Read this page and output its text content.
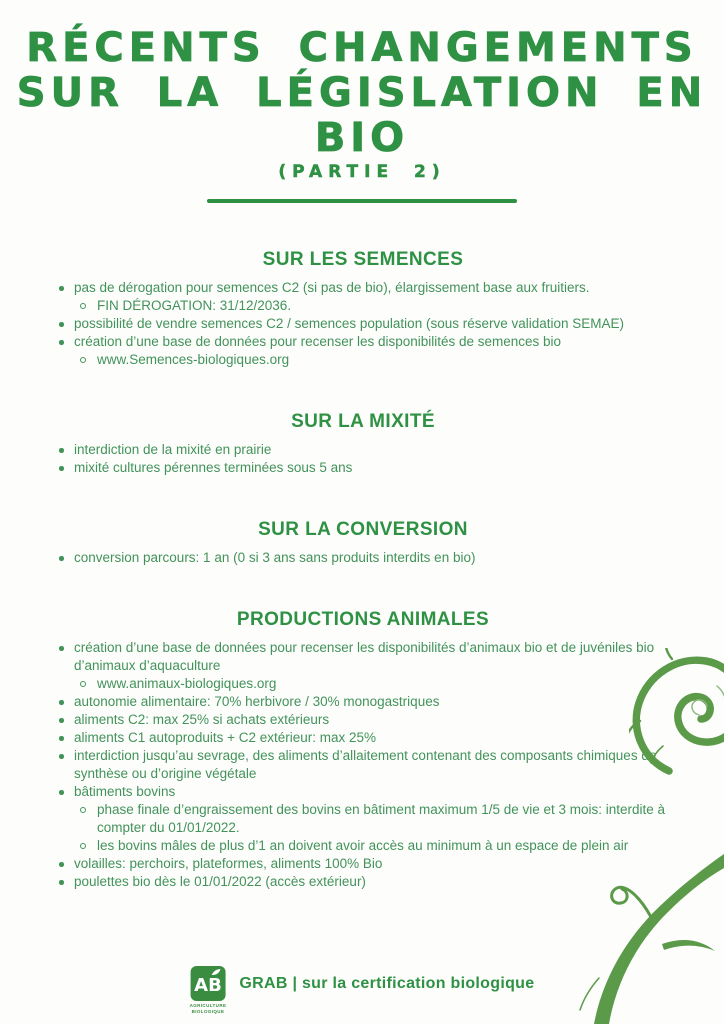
RÉCENTS CHANGEMENTS
SUR LA LÉGISLATION EN
BIO
(PARTIE 2)
SUR LES SEMENCES
pas de dérogation pour semences C2 (si pas de bio), élargissement base aux fruitiers.
FIN DÉROGATION: 31/12/2036.
possibilité de vendre semences C2 / semences population (sous réserve validation SEMAE)
création d’une base de données pour recenser les disponibilités de semences bio
www.Semences-biologiques.org
SUR LA MIXITÉ
interdiction de la mixité en prairie
mixité cultures pérennes terminées sous 5 ans
SUR LA CONVERSION
conversion parcours: 1 an (0 si 3 ans sans produits interdits en bio)
PRODUCTIONS ANIMALES
création d’une base de données pour recenser les disponibilités d’animaux bio et de juvéniles bio d’animaux d’aquaculture
www.animaux-biologiques.org
autonomie alimentaire: 70% herbivore / 30% monogastriques
aliments C2: max 25% si achats extérieurs
aliments C1 autoproduits + C2 extérieur: max 25%
interdiction jusqu’au sevrage, des aliments d’allaitement contenant des composants chimiques de synthèse ou d’origine végétale
bâtiments bovins
phase finale d’engraissement des bovins en bâtiment maximum 1/5 de vie et 3 mois: interdite à compter du 01/01/2022.
les bovins mâles de plus d’1 an doivent avoir accès au minimum à un espace de plein air
volailles: perchoirs, plateformes, aliments 100% Bio
poulettes bio dès le 01/01/2022 (accès extérieur)
AB
AGRICULTURE
BIOLOGIQUE
GRAB | sur la certification biologique
